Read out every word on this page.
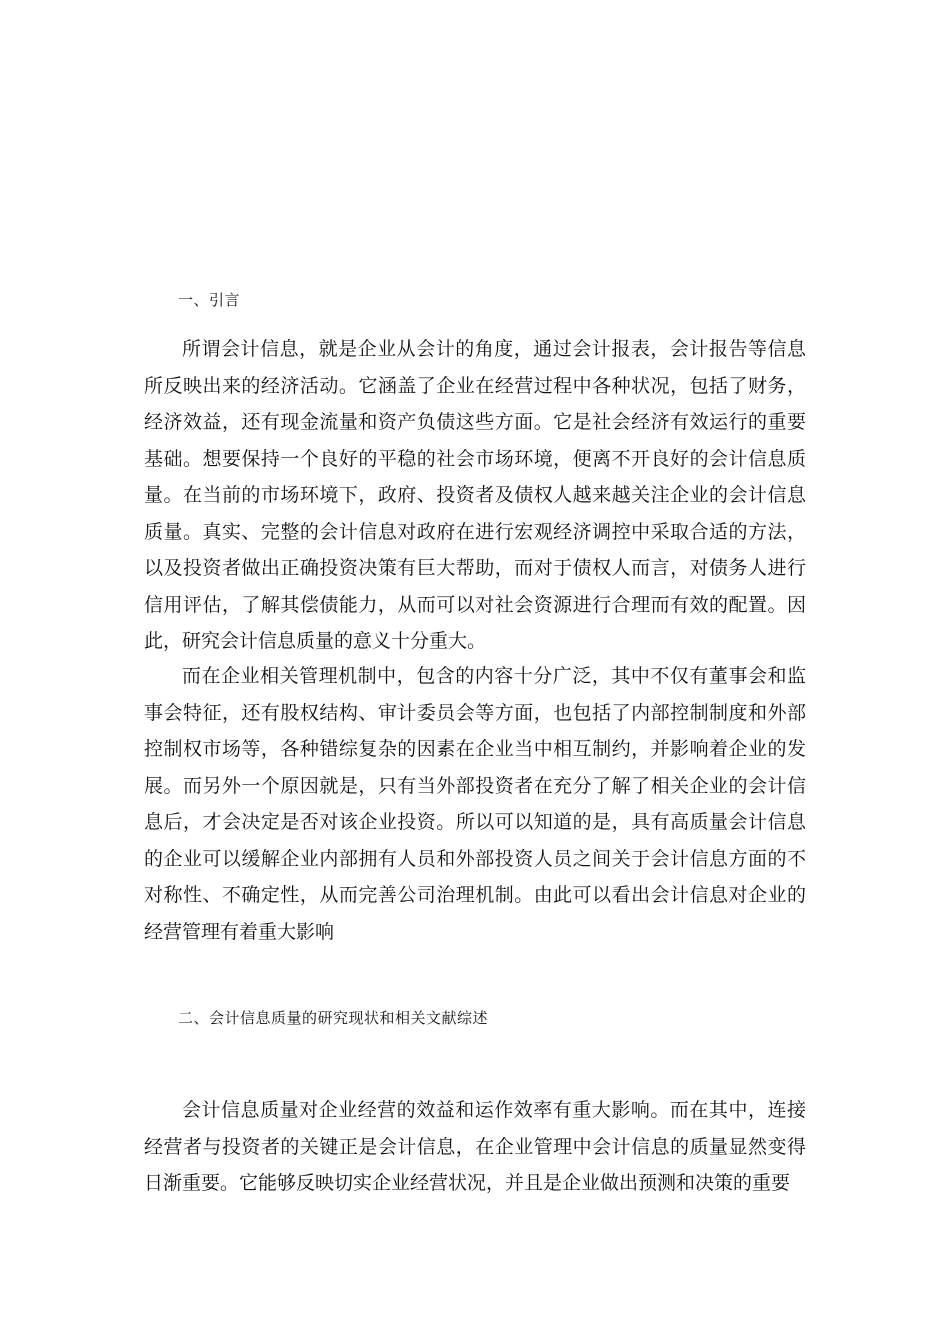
一、引言

所谓会计信息，就是企业从会计的角度，通过会计报表，会计报告等信息所反映出来的经济活动。它涵盖了企业在经营过程中各种状况，包括了财务，经济效益，还有现金流量和资产负债这些方面。它是社会经济有效运行的重要基础。想要保持一个良好的平稳的社会市场环境，便离不开良好的会计信息质量。在当前的市场环境下，政府、投资者及债权人越来越关注企业的会计信息质量。真实、完整的会计信息对政府在进行宏观经济调控中采取合适的方法，以及投资者做出正确投资决策有巨大帮助，而对于债权人而言，对债务人进行信用评估，了解其偿债能力，从而可以对社会资源进行合理而有效的配置。因此，研究会计信息质量的意义十分重大。

而在企业相关管理机制中，包含的内容十分广泛，其中不仅有董事会和监事会特征，还有股权结构、审计委员会等方面，也包括了内部控制制度和外部控制权市场等，各种错综复杂的因素在企业当中相互制约，并影响着企业的发展。而另外一个原因就是，只有当外部投资者在充分了解了相关企业的会计信息后，才会决定是否对该企业投资。所以可以知道的是，具有高质量会计信息的企业可以缓解企业内部拥有人员和外部投资人员之间关于会计信息方面的不对称性、不确定性，从而完善公司治理机制。由此可以看出会计信息对企业的经营管理有着重大影响

二、会计信息质量的研究现状和相关文献综述

会计信息质量对企业经营的效益和运作效率有重大影响。而在其中，连接经营者与投资者的关键正是会计信息，在企业管理中会计信息的质量显然变得日渐重要。它能够反映切实企业经营状况，并且是企业做出预测和决策的重要
